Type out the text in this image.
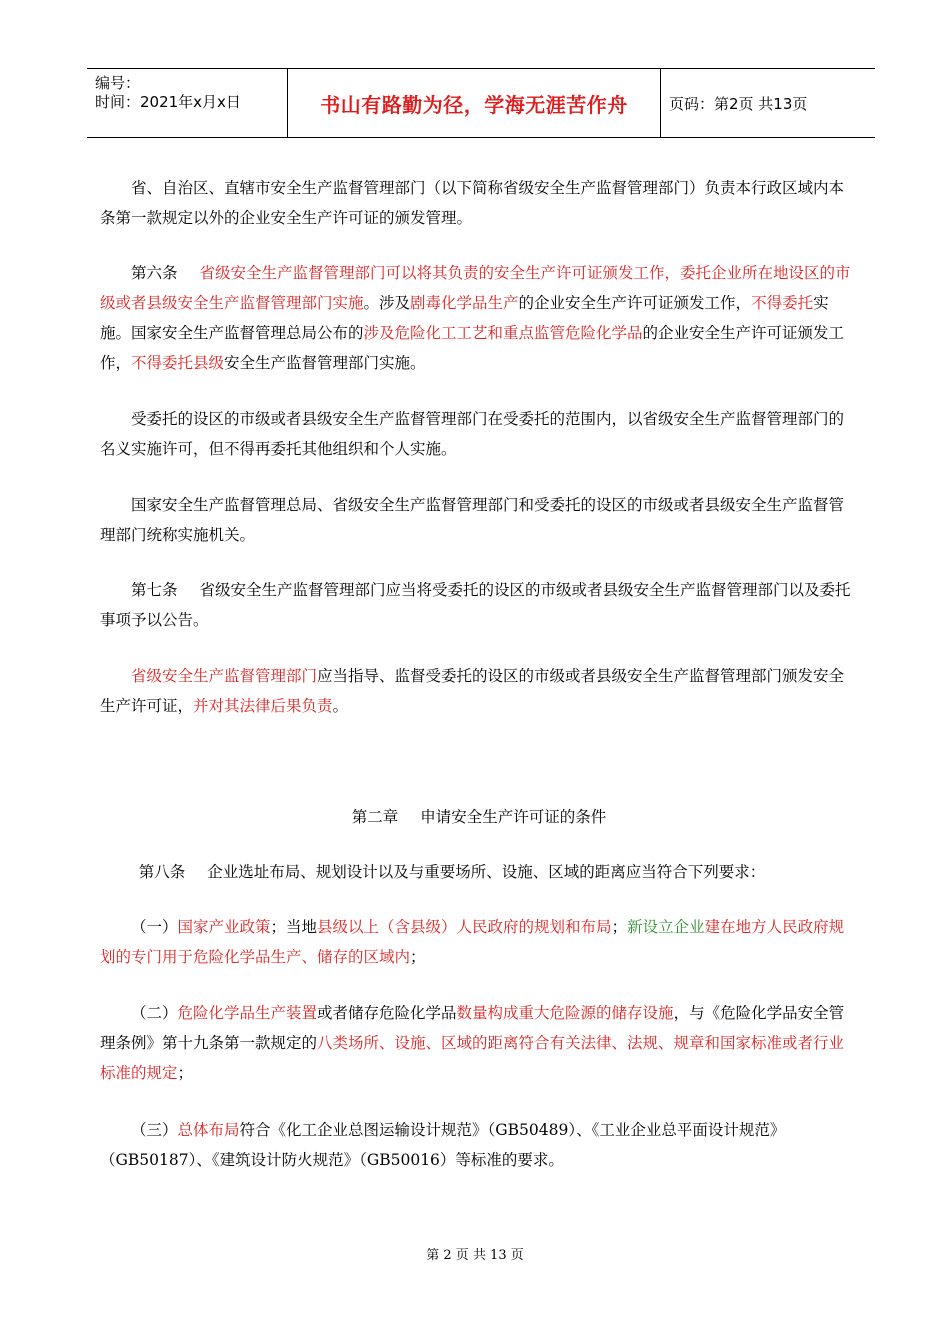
编号：
时间：2021年x月x日	书山有路勤为径，学海无涯苦作舟	页码：第2页 共13页

省、自治区、直辖市安全生产监督管理部门（以下简称省级安全生产监督管理部门）负责本行政区域内本条第一款规定以外的企业安全生产许可证的颁发管理。

第六条 省级安全生产监督管理部门可以将其负责的安全生产许可证颁发工作，委托企业所在地设区的市级或者县级安全生产监督管理部门实施。涉及剧毒化学品生产的企业安全生产许可证颁发工作，不得委托实施。国家安全生产监督管理总局公布的涉及危险化工工艺和重点监管危险化学品的企业安全生产许可证颁发工作，不得委托县级安全生产监督管理部门实施。

受委托的设区的市级或者县级安全生产监督管理部门在受委托的范围内，以省级安全生产监督管理部门的名义实施许可，但不得再委托其他组织和个人实施。

国家安全生产监督管理总局、省级安全生产监督管理部门和受委托的设区的市级或者县级安全生产监督管理部门统称实施机关。

第七条 省级安全生产监督管理部门应当将受委托的设区的市级或者县级安全生产监督管理部门以及委托事项予以公告。

省级安全生产监督管理部门应当指导、监督受委托的设区的市级或者县级安全生产监督管理部门颁发安全生产许可证，并对其法律后果负责。

第二章 申请安全生产许可证的条件

第八条 企业选址布局、规划设计以及与重要场所、设施、区域的距离应当符合下列要求：

（一）国家产业政策；当地县级以上（含县级）人民政府的规划和布局；新设立企业建在地方人民政府规划的专门用于危险化学品生产、储存的区域内；

（二）危险化学品生产装置或者储存危险化学品数量构成重大危险源的储存设施，与《危险化学品安全管理条例》第十九条第一款规定的八类场所、设施、区域的距离符合有关法律、法规、规章和国家标准或者行业标准的规定；

（三）总体布局符合《化工企业总图运输设计规范》（GB50489）、《工业企业总平面设计规范》（GB50187）、《建筑设计防火规范》（GB50016）等标准的要求。

第 2 页 共 13 页
